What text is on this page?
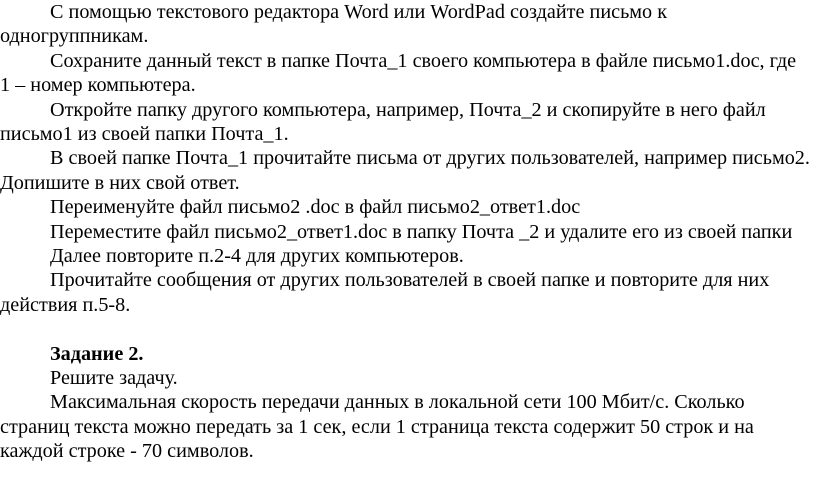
С помощью текстового редактора Word или WordPad создайте письмо к одногруппникам.

Сохраните данный текст в папке Почта_1 своего компьютера в файле письмо1.doc, где 1 – номер компьютера.

Откройте папку другого компьютера, например, Почта_2 и скопируйте в него файл письмо1 из своей папки Почта_1.

В своей папке Почта_1 прочитайте письма от других пользователей, например письмо2. Допишите в них свой ответ.

Переименуйте файл письмо2 .doc в файл письмо2_ответ1.doc

Переместите файл письмо2_ответ1.doc в папку Почта _2 и удалите его из своей папки

Далее повторите п.2-4 для других компьютеров.

Прочитайте сообщения от других пользователей в своей папке и повторите для них действия п.5-8.

Задание 2.

Решите задачу.

Максимальная скорость передачи данных в локальной сети 100 Мбит/с. Сколько страниц текста можно передать за 1 сек, если 1 страница текста содержит 50 строк и на каждой строке - 70 символов.
